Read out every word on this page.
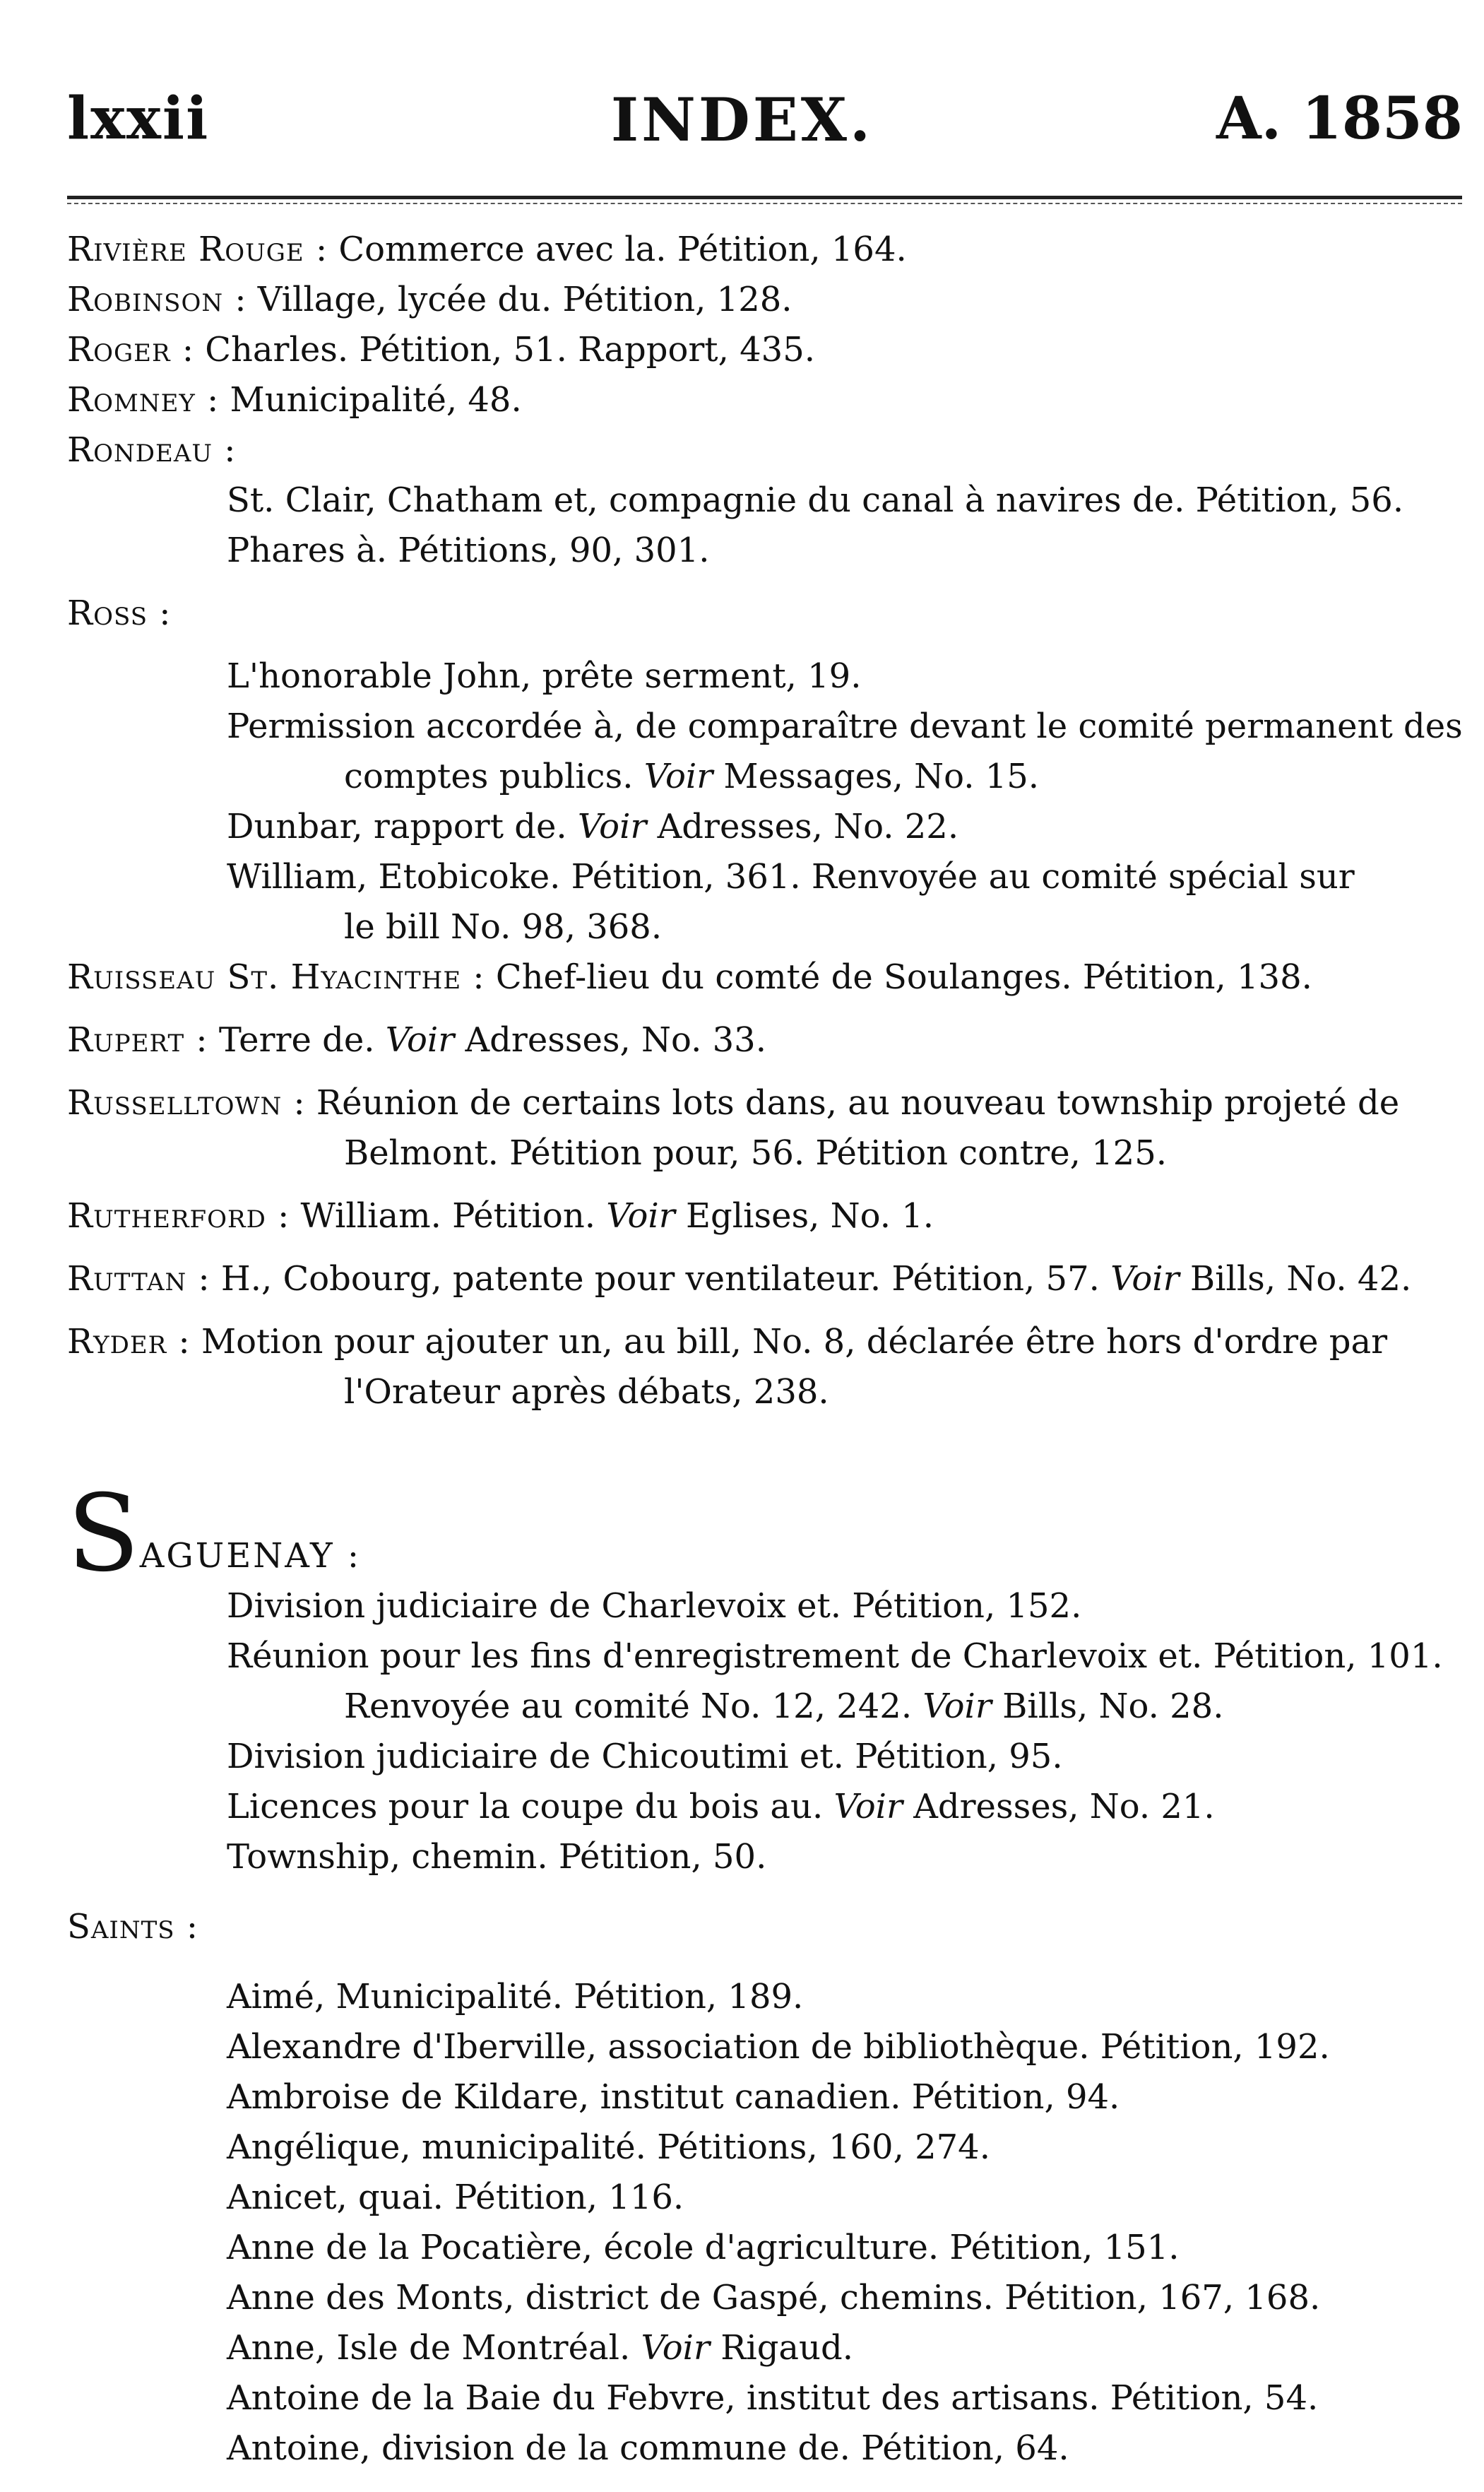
lxxii	INDEX.	A. 1858
Rivière Rouge : Commerce avec la. Pétition, 164.
Robinson : Village, lycée du. Pétition, 128.
Roger : Charles. Pétition, 51. Rapport, 435.
Romney : Municipalité, 48.
Rondeau :
St. Clair, Chatham et, compagnie du canal à navires de. Pétition, 56.
Phares à. Pétitions, 90, 301.
Ross :
L'honorable John, prête serment, 19.
Permission accordée à, de comparaître devant le comité permanent des
comptes publics. Voir Messages, No. 15.
Dunbar, rapport de. Voir Adresses, No. 22.
William, Etobicoke. Pétition, 361. Renvoyée au comité spécial sur
le bill No. 98, 368.
Ruisseau St. Hyacinthe : Chef-lieu du comté de Soulanges. Pétition, 138.
Rupert : Terre de. Voir Adresses, No. 33.
Russelltown : Réunion de certains lots dans, au nouveau township projeté de
Belmont. Pétition pour, 56. Pétition contre, 125.
Rutherford : William. Pétition. Voir Eglises, No. 1.
Ruttan : H., Cobourg, patente pour ventilateur. Pétition, 57. Voir Bills, No. 42.
Ryder : Motion pour ajouter un, au bill, No. 8, déclarée être hors d'ordre par
l'Orateur après débats, 238.
SAGUENAY :
Division judiciaire de Charlevoix et. Pétition, 152.
Réunion pour les fins d'enregistrement de Charlevoix et. Pétition, 101.
Renvoyée au comité No. 12, 242. Voir Bills, No. 28.
Division judiciaire de Chicoutimi et. Pétition, 95.
Licences pour la coupe du bois au. Voir Adresses, No. 21.
Township, chemin. Pétition, 50.
Saints :
Aimé, Municipalité. Pétition, 189.
Alexandre d'Iberville, association de bibliothèque. Pétition, 192.
Ambroise de Kildare, institut canadien. Pétition, 94.
Angélique, municipalité. Pétitions, 160, 274.
Anicet, quai. Pétition, 116.
Anne de la Pocatière, école d'agriculture. Pétition, 151.
Anne des Monts, district de Gaspé, chemins. Pétition, 167, 168.
Anne, Isle de Montréal. Voir Rigaud.
Antoine de la Baie du Febvre, institut des artisans. Pétition, 54.
Antoine, division de la commune de. Pétition, 64.
